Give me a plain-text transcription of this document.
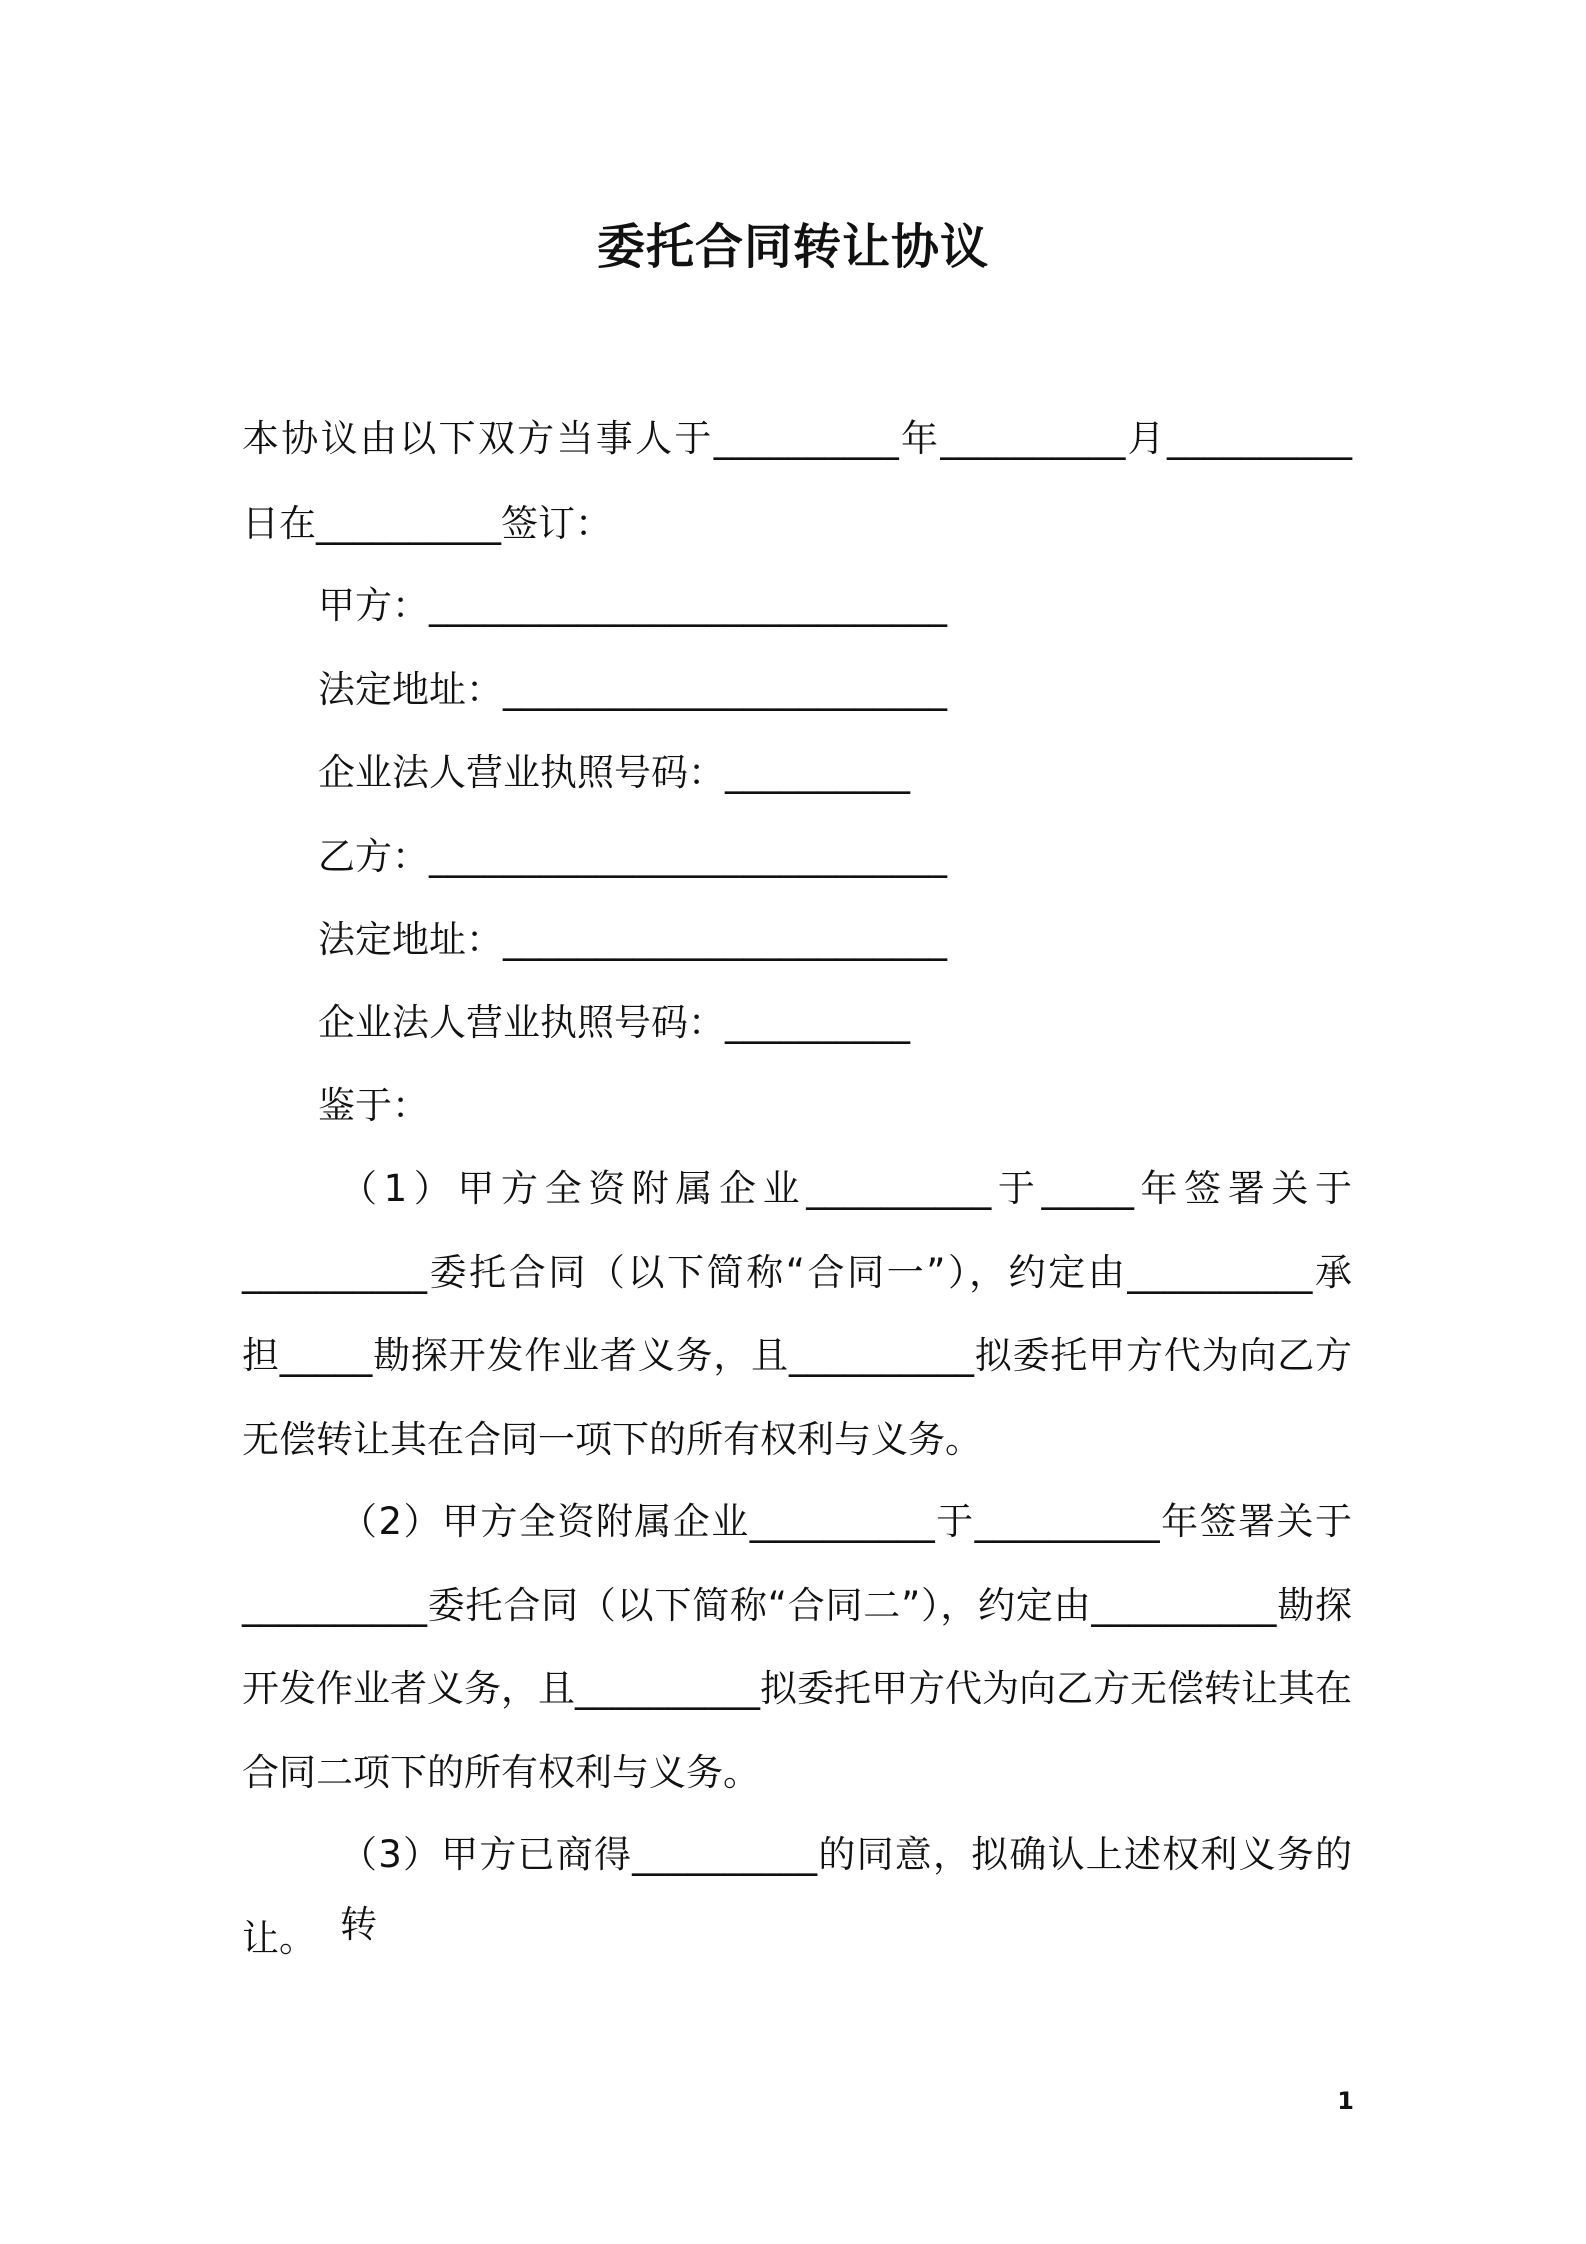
委托合同转让协议
本协议由以下双方当事人于__________年__________月__________
日在__________签订：
甲方：____________________________
法定地址：________________________
企业法人营业执照号码：__________
乙方：____________________________
法定地址：________________________
企业法人营业执照号码：__________
鉴于：
（1）甲方全资附属企业__________于_____年签署关于
__________委托合同（以下简称“合同一”），约定由__________承
担_____勘探开发作业者义务，且__________拟委托甲方代为向乙方
无偿转让其在合同一项下的所有权利与义务。
（2）甲方全资附属企业__________于__________年签署关于
__________委托合同（以下简称“合同二”），约定由__________勘探
开发作业者义务，且__________拟委托甲方代为向乙方无偿转让其在
合同二项下的所有权利与义务。
（3）甲方已商得__________的同意，拟确认上述权利义务的转
让。
1
